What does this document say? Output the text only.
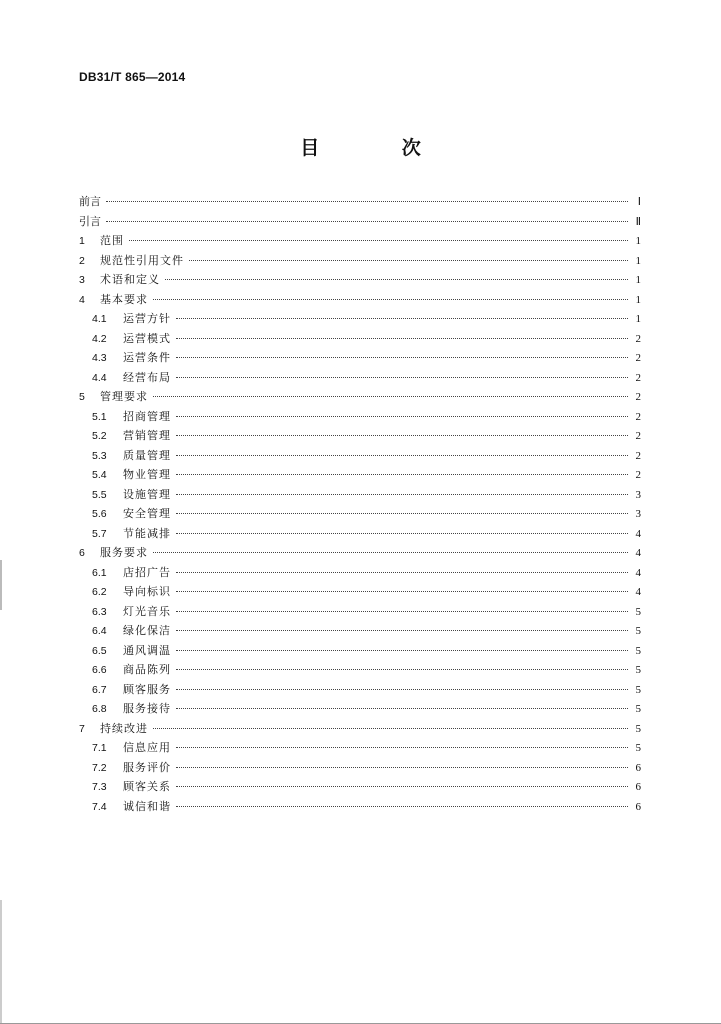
DB31/T 865—2014
目 次
前言	Ⅰ
引言	Ⅱ
1	范围	1
2	规范性引用文件	1
3	术语和定义	1
4	基本要求	1
4.1	运营方针	1
4.2	运营模式	2
4.3	运营条件	2
4.4	经营布局	2
5	管理要求	2
5.1	招商管理	2
5.2	营销管理	2
5.3	质量管理	2
5.4	物业管理	2
5.5	设施管理	3
5.6	安全管理	3
5.7	节能减排	4
6	服务要求	4
6.1	店招广告	4
6.2	导向标识	4
6.3	灯光音乐	5
6.4	绿化保洁	5
6.5	通风调温	5
6.6	商品陈列	5
6.7	顾客服务	5
6.8	服务接待	5
7	持续改进	5
7.1	信息应用	5
7.2	服务评价	6
7.3	顾客关系	6
7.4	诚信和谐	6
